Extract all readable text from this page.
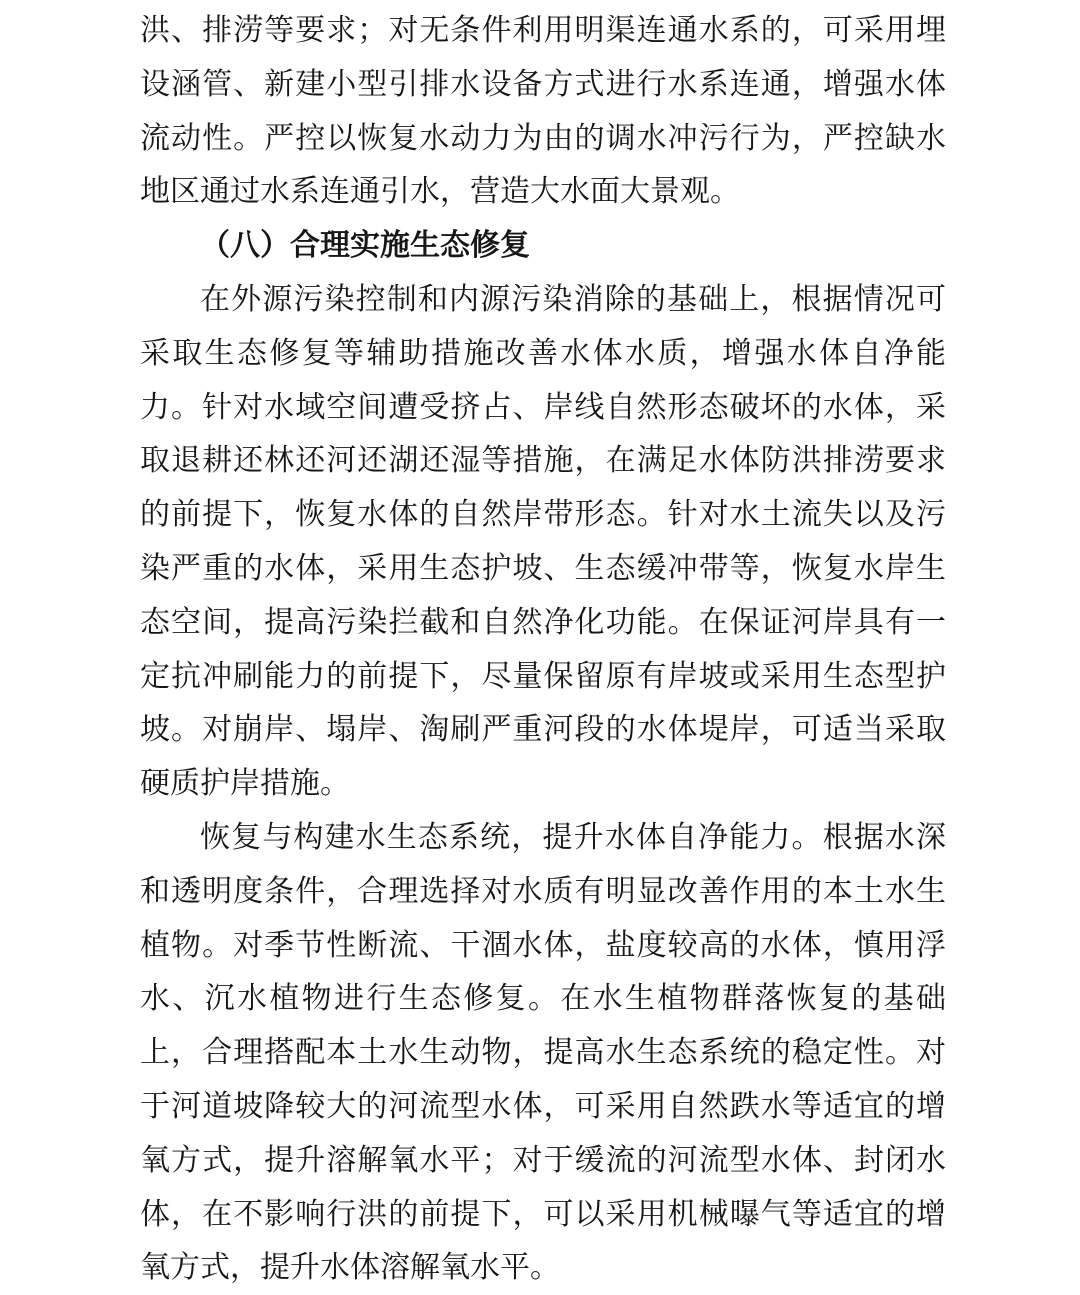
洪、排涝等要求；对无条件利用明渠连通水系的，可采用埋设涵管、新建小型引排水设备方式进行水系连通，增强水体流动性。严控以恢复水动力为由的调水冲污行为，严控缺水地区通过水系连通引水，营造大水面大景观。

（八）合理实施生态修复

在外源污染控制和内源污染消除的基础上，根据情况可采取生态修复等辅助措施改善水体水质，增强水体自净能力。针对水域空间遭受挤占、岸线自然形态破坏的水体，采取退耕还林还河还湖还湿等措施，在满足水体防洪排涝要求的前提下，恢复水体的自然岸带形态。针对水土流失以及污染严重的水体，采用生态护坡、生态缓冲带等，恢复水岸生态空间，提高污染拦截和自然净化功能。在保证河岸具有一定抗冲刷能力的前提下，尽量保留原有岸坡或采用生态型护坡。对崩岸、塌岸、淘刷严重河段的水体堤岸，可适当采取硬质护岸措施。

恢复与构建水生态系统，提升水体自净能力。根据水深和透明度条件，合理选择对水质有明显改善作用的本土水生植物。对季节性断流、干涸水体，盐度较高的水体，慎用浮水、沉水植物进行生态修复。在水生植物群落恢复的基础上，合理搭配本土水生动物，提高水生态系统的稳定性。对于河道坡降较大的河流型水体，可采用自然跌水等适宜的增氧方式，提升溶解氧水平；对于缓流的河流型水体、封闭水体，在不影响行洪的前提下，可以采用机械曝气等适宜的增氧方式，提升水体溶解氧水平。
